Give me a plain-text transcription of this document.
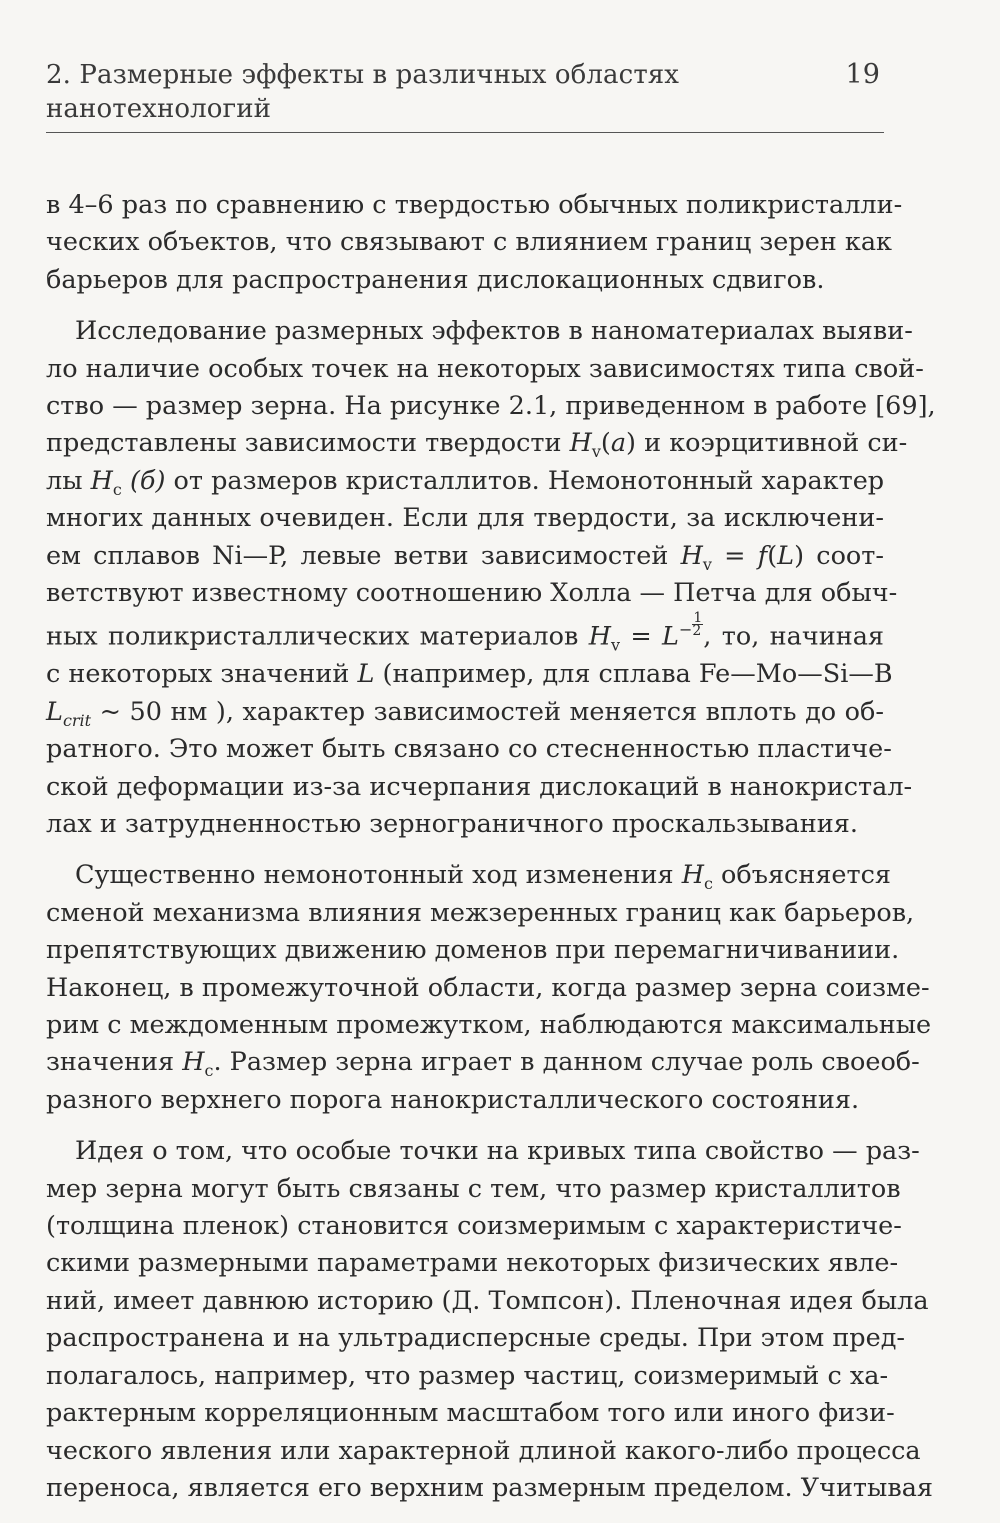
2. Размерные эффекты в различных областях нанотехнологий
19
в 4–6 раз по сравнению с твердостью обычных поликристалли-
ческих объектов, что связывают с влиянием границ зерен как
барьеров для распространения дислокационных сдвигов.
Исследование размерных эффектов в наноматериалах выяви-
ло наличие особых точек на некоторых зависимостях типа свой-
ство — размер зерна. На рисунке 2.1, приведенном в работе [69],
представлены зависимости твердости $H_v(а)$ и коэрцитивной си-
лы $H_c$ (б) от размеров кристаллитов. Немонотонный характер
многих данных очевиден. Если для твердости, за исключени-
ем сплавов Ni—P, левые ветви зависимостей $H_v = f(L)$ соот-
ветствуют известному соотношению Холла — Петча для обыч-
ных поликристаллических материалов $H_v = L^- \frac{1}{2}$ , то, начиная
с некоторых значений L (например, для сплава Fe—Mo—Si—B
$L_{crit}$ ~ 50 нм ), характер зависимостей меняется вплоть до об-
ратного. Это может быть связано со стесненностью пластиче-
ской деформации из-за исчерпания дислокаций в нанокристал-
лах и затрудненностью зернограничного проскальзывания.
Существенно немонотонный ход изменения $H_c$ объясняется
сменой механизма влияния межзеренных границ как барьеров,
препятствующих движению доменов при перемагничиваниии.
Наконец, в промежуточной области, когда размер зерна соизме-
рим с междоменным промежутком, наблюдаются максимальные
значения $H_c$. Размер зерна играет в данном случае роль своеоб-
разного верхнего порога нанокристаллического состояния.
Идея о том, что особые точки на кривых типа свойство — раз-
мер зерна могут быть связаны с тем, что размер кристаллитов
(толщина пленок) становится соизмеримым с характеристиче-
скими размерными параметрами некоторых физических явле-
ний, имеет давнюю историю (Д. Томпсон). Пленочная идея была
распространена и на ультрадисперсные среды. При этом пред-
полагалось, например, что размер частиц, соизмеримый с ха-
рактерным корреляционным масштабом того или иного физи-
ческого явления или характерной длиной какого-либо процесса
переноса, является его верхним размерным пределом. Учитывая
